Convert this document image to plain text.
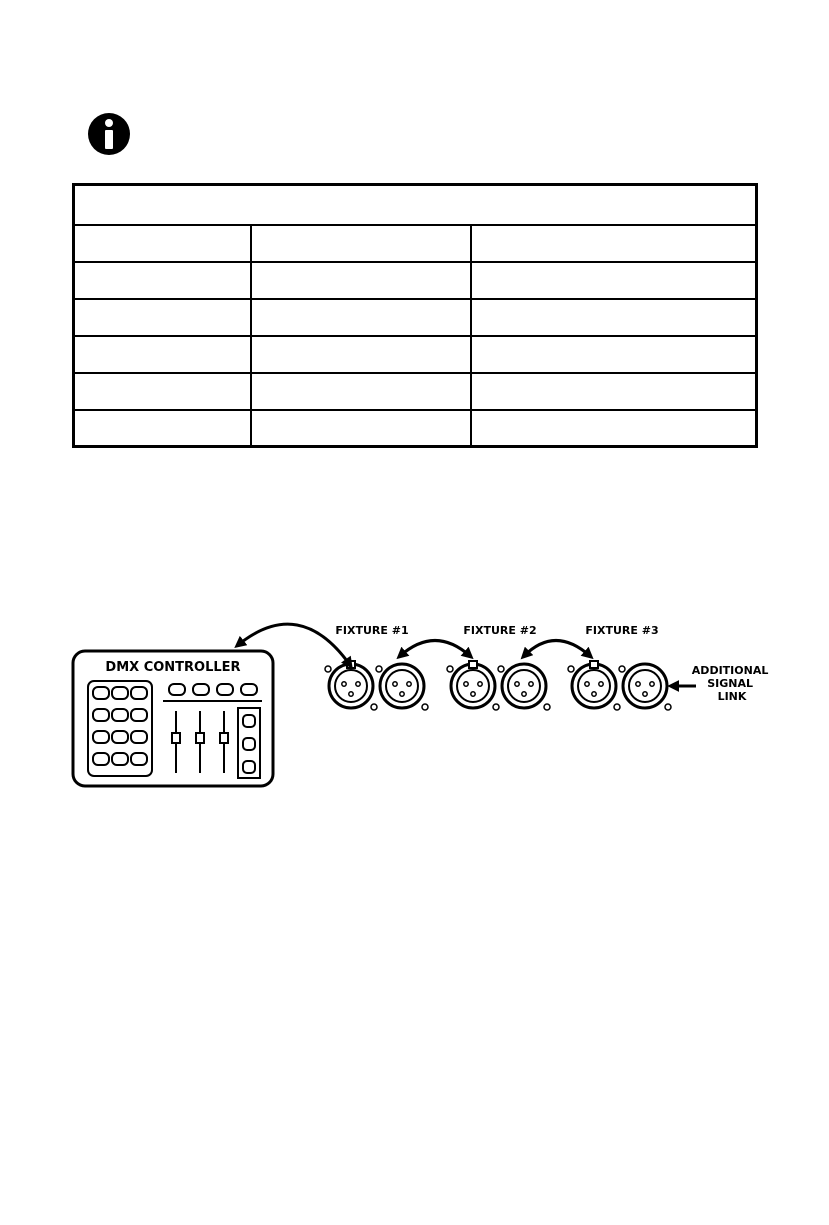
DMX CONTROLLER
FIXTURE #1	FIXTURE #2	FIXTURE #3
ADDITIONAL SIGNAL LINK
